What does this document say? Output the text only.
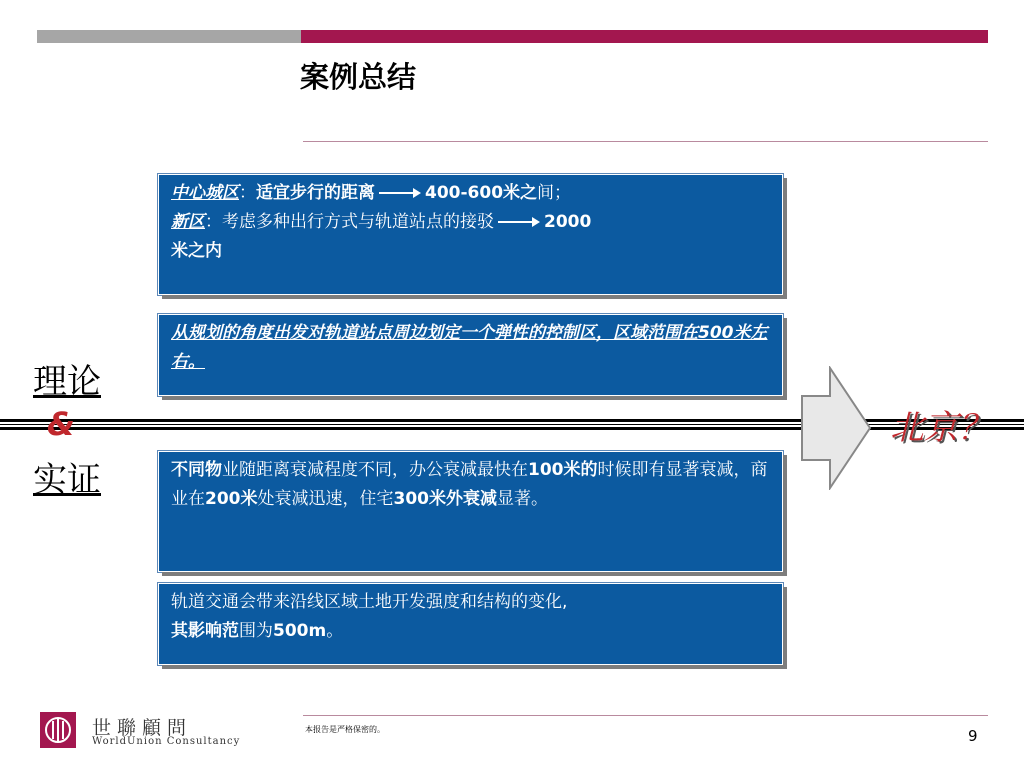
案例总结
中心城区：适宜步行的距离	400-600米之间；
新区：考虑多种出行方式与轨道站点的接驳	2000
米之内
从规划的角度出发对轨道站点周边划定一个弹性的控制区，区域范围在500米左右。
不同物业随距离衰减程度不同，办公衰减最快在100米的时候即有显著衰减，商业在200米处衰减迅速，住宅300米外衰减显著。
轨道交通会带来沿线区域土地开发强度和结构的变化,
其影响范围为500m。
理论
&
实证
北京？
世聯顧問
WorldUnion Consultancy
本报告是严格保密的。	9
